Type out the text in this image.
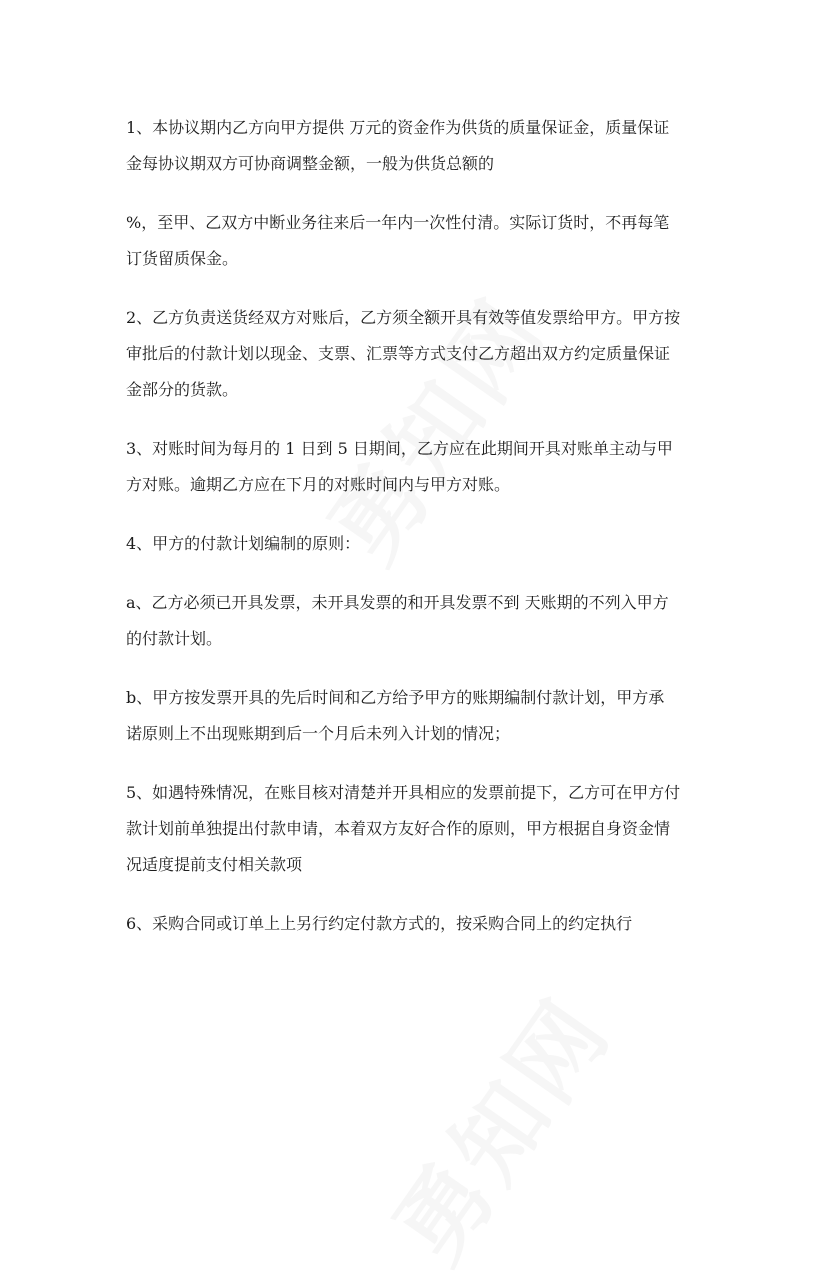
1、本协议期内乙方向甲方提供 万元的资金作为供货的质量保证金，质量保证
金每协议期双方可协商调整金额，一般为供货总额的
%，至甲、乙双方中断业务往来后一年内一次性付清。实际订货时，不再每笔
订货留质保金。
2、乙方负责送货经双方对账后，乙方须全额开具有效等值发票给甲方。甲方按
审批后的付款计划以现金、支票、汇票等方式支付乙方超出双方约定质量保证
金部分的货款。
3、对账时间为每月的 1 日到 5 日期间，乙方应在此期间开具对账单主动与甲
方对账。逾期乙方应在下月的对账时间内与甲方对账。
4、甲方的付款计划编制的原则：
a、乙方必须已开具发票，未开具发票的和开具发票不到 天账期的不列入甲方
的付款计划。
b、甲方按发票开具的先后时间和乙方给予甲方的账期编制付款计划，甲方承
诺原则上不出现账期到后一个月后未列入计划的情况；
5、如遇特殊情况，在账目核对清楚并开具相应的发票前提下，乙方可在甲方付
款计划前单独提出付款申请，本着双方友好合作的原则，甲方根据自身资金情
况适度提前支付相关款项
6、采购合同或订单上上另行约定付款方式的，按采购合同上的约定执行
